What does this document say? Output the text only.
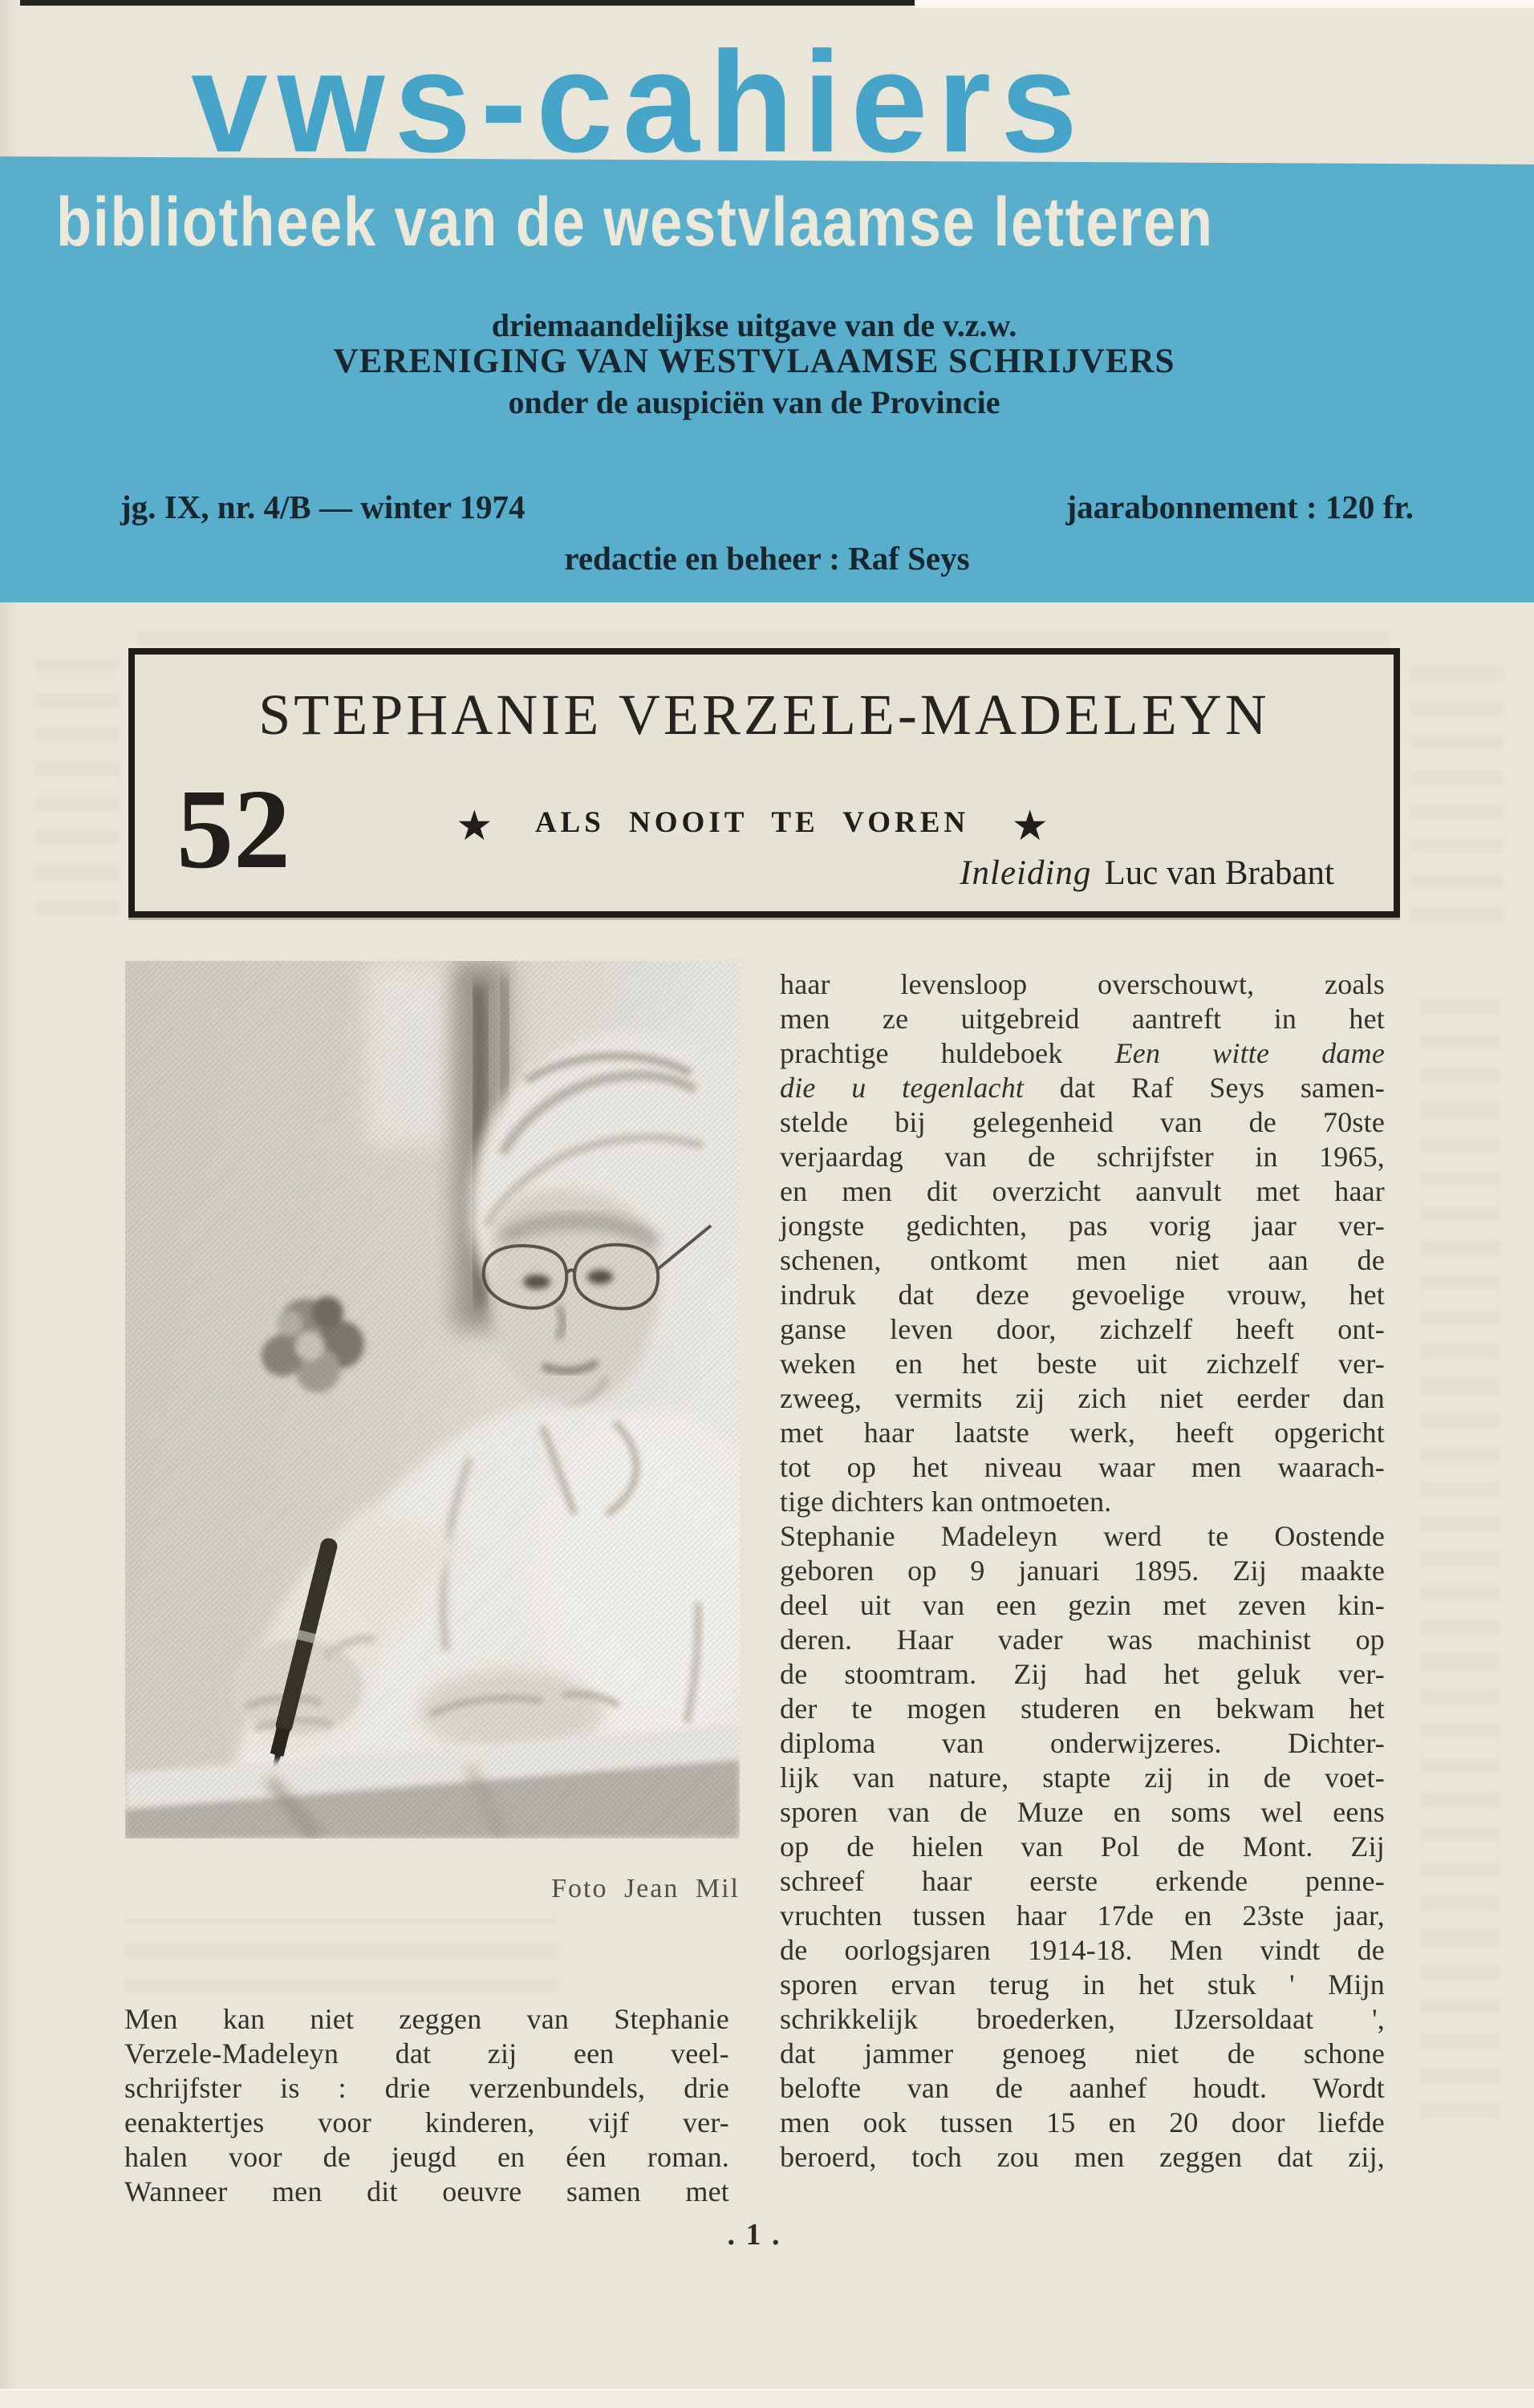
vws-cahiers
bibliotheek van de westvlaamse letteren
driemaandelijkse uitgave van de v.z.w.
VERENIGING VAN WESTVLAAMSE SCHRIJVERS
onder de auspiciën van de Provincie
jg. IX, nr. 4/B — winter 1974	jaarabonnement : 120 fr.
redactie en beheer : Raf Seys
STEPHANIE VERZELE-MADELEYN
52	★ ALS NOOIT TE VOREN ★
Inleiding Luc van Brabant
Foto Jean Mil
Men kan niet zeggen van Stephanie
Verzele-Madeleyn dat zij een veel-
schrijfster is : drie verzenbundels, drie
eenaktertjes voor kinderen, vijf ver-
halen voor de jeugd en éen roman.
Wanneer men dit oeuvre samen met
haar levensloop overschouwt, zoals
men ze uitgebreid aantreft in het
prachtige huldeboek Een witte dame
die u tegenlacht dat Raf Seys samen-
stelde bij gelegenheid van de 70ste
verjaardag van de schrijfster in 1965,
en men dit overzicht aanvult met haar
jongste gedichten, pas vorig jaar ver-
schenen, ontkomt men niet aan de
indruk dat deze gevoelige vrouw, het
ganse leven door, zichzelf heeft ont-
weken en het beste uit zichzelf ver-
zweeg, vermits zij zich niet eerder dan
met haar laatste werk, heeft opgericht
tot op het niveau waar men waarach-
tige dichters kan ontmoeten.
Stephanie Madeleyn werd te Oostende
geboren op 9 januari 1895. Zij maakte
deel uit van een gezin met zeven kin-
deren. Haar vader was machinist op
de stoomtram. Zij had het geluk ver-
der te mogen studeren en bekwam het
diploma van onderwijzeres. Dichter-
lijk van nature, stapte zij in de voet-
sporen van de Muze en soms wel eens
op de hielen van Pol de Mont. Zij
schreef haar eerste erkende penne-
vruchten tussen haar 17de en 23ste jaar,
de oorlogsjaren 1914-18. Men vindt de
sporen ervan terug in het stuk ' Mijn
schrikkelijk broederken, IJzersoldaat ',
dat jammer genoeg niet de schone
belofte van de aanhef houdt. Wordt
men ook tussen 15 en 20 door liefde
beroerd, toch zou men zeggen dat zij,
. 1 .
